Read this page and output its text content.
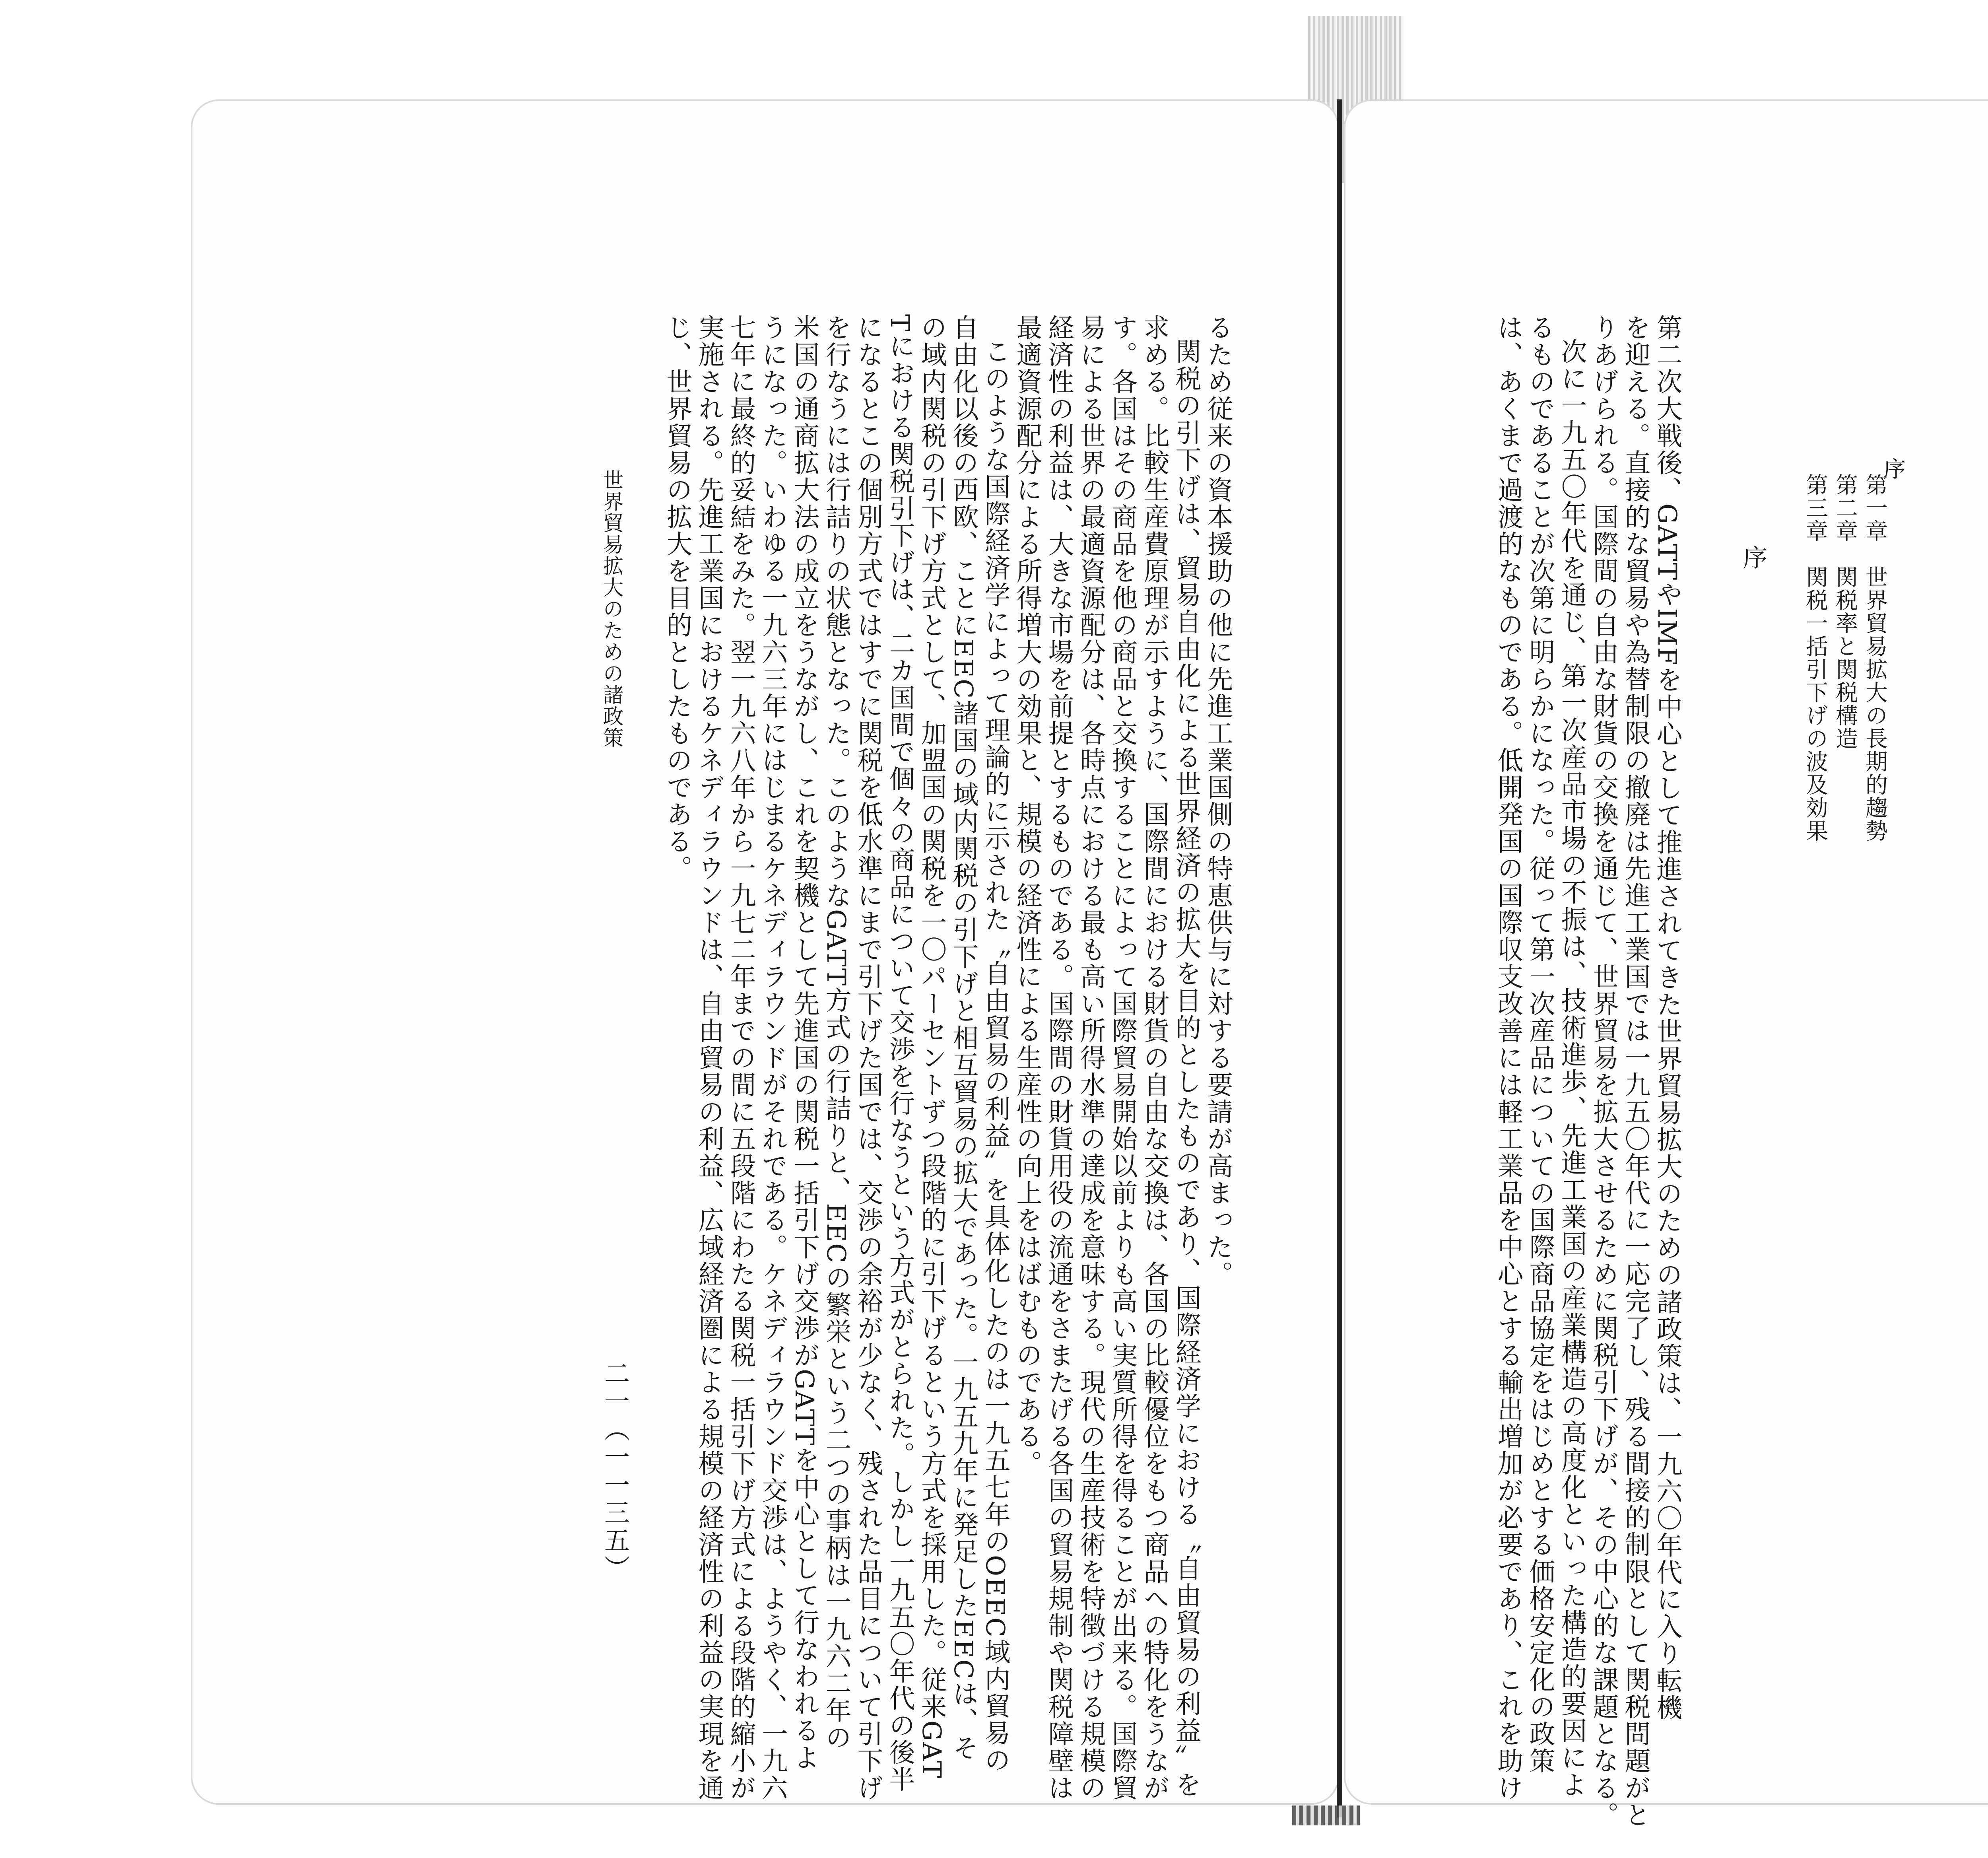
序
第一章　世界貿易拡大の長期的趨勢
第二章　関税率と関税構造
第三章　関税一括引下げの波及効果
序
第二次大戦後、GATTやIMFを中心として推進されてきた世界貿易拡大のための諸政策は、一九六〇年代に入り転機
を迎える。直接的な貿易や為替制限の撤廃は先進工業国では一九五〇年代に一応完了し、残る間接的制限として関税問題がと
りあげられる。国際間の自由な財貨の交換を通じて、世界貿易を拡大させるために関税引下げが、その中心的な課題となる。
次に一九五〇年代を通じ、第一次産品市場の不振は、技術進歩、先進工業国の産業構造の高度化といった構造的要因によ
るものであることが次第に明らかになった。従って第一次産品についての国際商品協定をはじめとする価格安定化の政策
は、あくまで過渡的なものである。低開発国の国際収支改善には軽工業品を中心とする輸出増加が必要であり、これを助け
るため従来の資本援助の他に先進工業国側の特恵供与に対する要請が高まった。
関税の引下げは、貿易自由化による世界経済の拡大を目的としたものであり、国際経済学における〝自由貿易の利益〟を
求める。比較生産費原理が示すように、国際間における財貨の自由な交換は、各国の比較優位をもつ商品への特化をうなが
す。各国はその商品を他の商品と交換することによって国際貿易開始以前よりも高い実質所得を得ることが出来る。国際貿
易による世界の最適資源配分は、各時点における最も高い所得水準の達成を意味する。現代の生産技術を特徴づける規模の
経済性の利益は、大きな市場を前提とするものである。国際間の財貨用役の流通をさまたげる各国の貿易規制や関税障壁は
最適資源配分による所得増大の効果と、規模の経済性による生産性の向上をはばむものである。
このような国際経済学によって理論的に示された〝自由貿易の利益〟を具体化したのは一九五七年のOEEC域内貿易の
自由化以後の西欧、ことにEEC諸国の域内関税の引下げと相互貿易の拡大であった。一九五九年に発足したEECは、そ
の域内関税の引下げ方式として、加盟国の関税を一〇パーセントずつ段階的に引下げるという方式を採用した。従来GAT
Tにおける関税引下げは、二カ国間で個々の商品について交渉を行なうという方式がとられた。しかし一九五〇年代の後半
になるとこの個別方式ではすでに関税を低水準にまで引下げた国では、交渉の余裕が少なく、残された品目について引下げ
を行なうには行詰りの状態となった。このようなGATT方式の行詰りと、EECの繁栄という二つの事柄は一九六二年の
米国の通商拡大法の成立をうながし、これを契機として先進国の関税一括引下げ交渉がGATTを中心として行なわれるよ
うになった。いわゆる一九六三年にはじまるケネディラウンドがそれである。ケネディラウンド交渉は、ようやく、一九六
七年に最終的妥結をみた。翌一九六八年から一九七二年までの間に五段階にわたる関税一括引下げ方式による段階的縮小が
実施される。先進工業国におけるケネディラウンドは、自由貿易の利益、広域経済圏による規模の経済性の利益の実現を通
じ、世界貿易の拡大を目的としたものである。
世界貿易拡大のための諸政策
二一（一一三五）
